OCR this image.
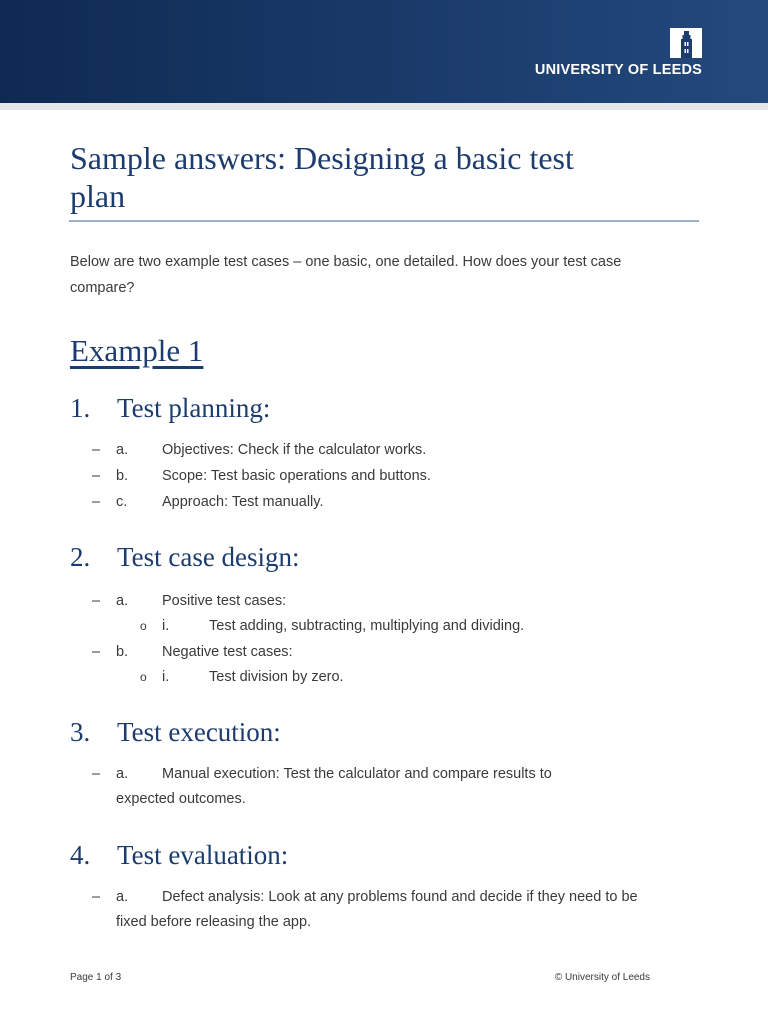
UNIVERSITY OF LEEDS
Sample answers: Designing a basic test plan

Below are two example test cases – one basic, one detailed. How does your test case compare?

Example 1
1. Test planning:
– a. Objectives: Check if the calculator works.
– b. Scope: Test basic operations and buttons.
– c. Approach: Test manually.
2. Test case design:
– a. Positive test cases:
o i.	Test adding, subtracting, multiplying and dividing.
– b. Negative test cases:
o i.	Test division by zero.
3. Test execution:
– a.	Manual execution: Test the calculator and compare results to
expected outcomes.
4. Test evaluation:
– a.	Defect analysis: Look at any problems found and decide if they need to be
fixed before releasing the app.
Page 1 of 3	© University of Leeds
